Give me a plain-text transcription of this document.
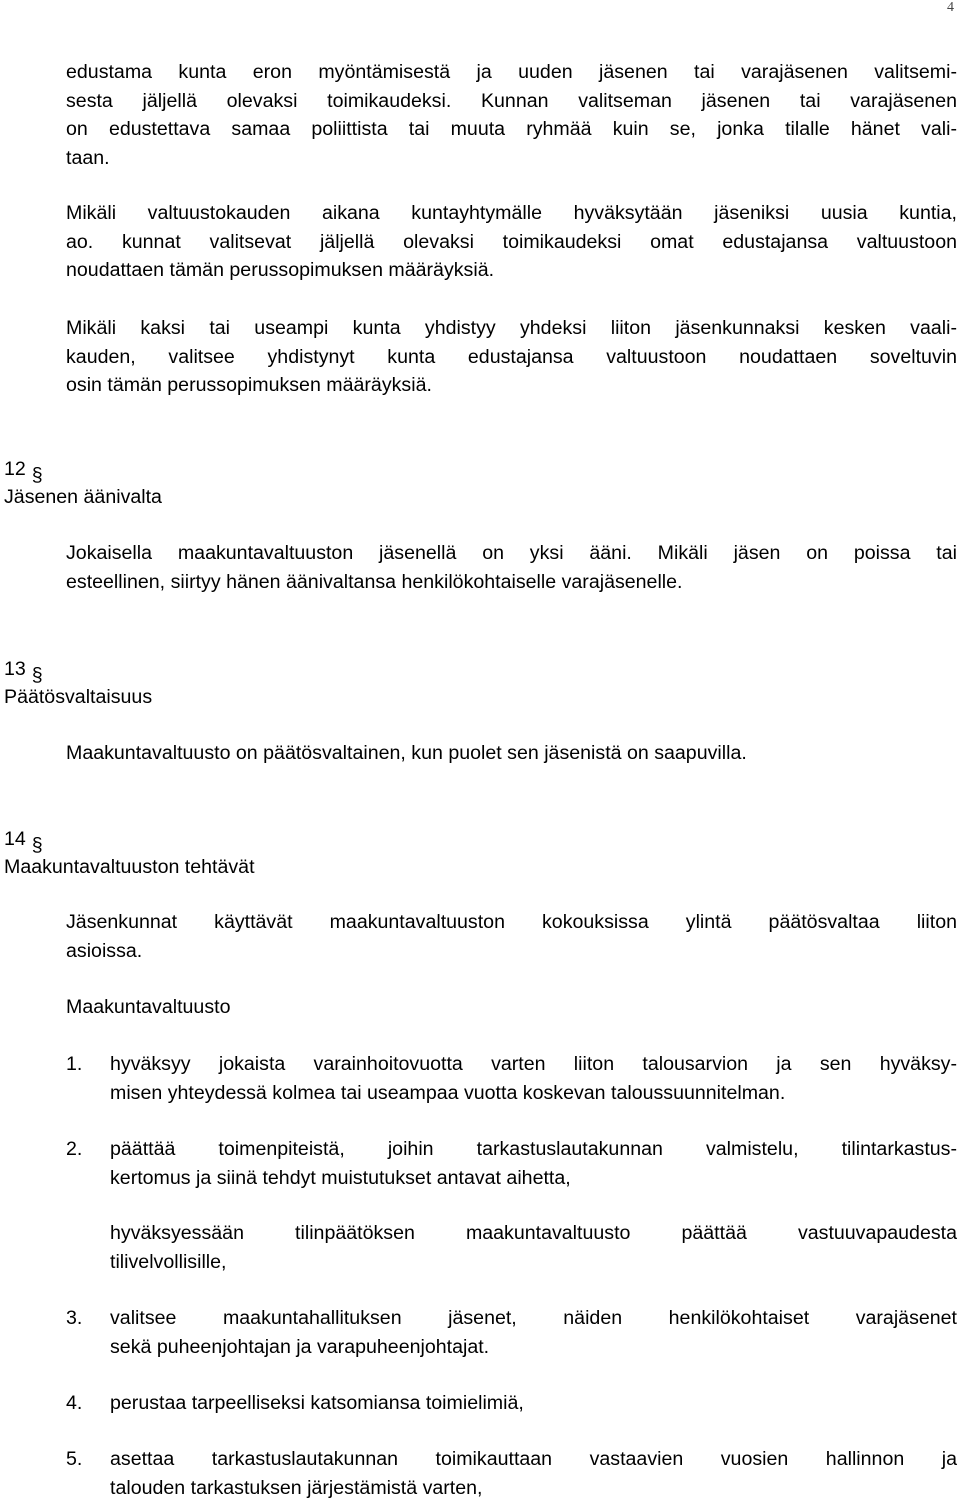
4
edustama kunta eron myöntämisestä ja uuden jäsenen tai varajäsenen valitsemi-
sesta jäljellä olevaksi toimikaudeksi. Kunnan valitseman jäsenen tai varajäsenen
on edustettava samaa poliittista tai muuta ryhmää kuin se, jonka tilalle hänet vali-
taan.
Mikäli valtuustokauden aikana kuntayhtymälle hyväksytään jäseniksi uusia kuntia,
ao. kunnat valitsevat jäljellä olevaksi toimikaudeksi omat edustajansa valtuustoon
noudattaen tämän perussopimuksen määräyksiä.
Mikäli kaksi tai useampi kunta yhdistyy yhdeksi liiton jäsenkunnaksi kesken vaali-
kauden, valitsee yhdistynyt kunta edustajansa valtuustoon noudattaen soveltuvin
osin tämän perussopimuksen määräyksiä.
12 §
Jäsenen äänivalta
Jokaisella maakuntavaltuuston jäsenellä on yksi ääni. Mikäli jäsen on poissa tai
esteellinen, siirtyy hänen äänivaltansa henkilökohtaiselle varajäsenelle.
13 §
Päätösvaltaisuus
Maakuntavaltuusto on päätösvaltainen, kun puolet sen jäsenistä on saapuvilla.
14 §
Maakuntavaltuuston tehtävät
Jäsenkunnat käyttävät maakuntavaltuuston kokouksissa ylintä päätösvaltaa liiton
asioissa.
Maakuntavaltuusto
1. hyväksyy jokaista varainhoitovuotta varten liiton talousarvion ja sen hyväksy-
misen yhteydessä kolmea tai useampaa vuotta koskevan taloussuunnitelman.
2. päättää toimenpiteistä, joihin tarkastuslautakunnan valmistelu, tilintarkastus-
kertomus ja siinä tehdyt muistutukset antavat aihetta,
hyväksyessään tilinpäätöksen maakuntavaltuusto päättää vastuuvapaudesta
tilivelvollisille,
3. valitsee maakuntahallituksen jäsenet, näiden henkilökohtaiset varajäsenet
sekä puheenjohtajan ja varapuheenjohtajat.
4. perustaa tarpeelliseksi katsomiansa toimielimiä,
5. asettaa tarkastuslautakunnan toimikauttaan vastaavien vuosien hallinnon ja
talouden tarkastuksen järjestämistä varten,
